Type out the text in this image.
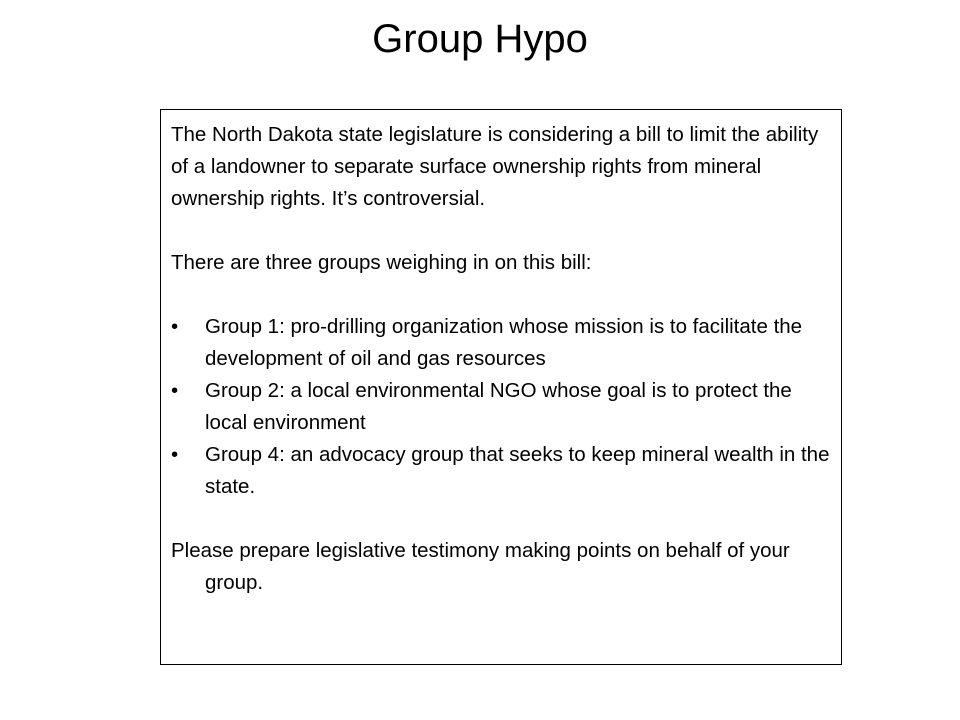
Group Hypo

The North Dakota state legislature is considering a bill to limit the ability of a landowner to separate surface ownership rights from mineral ownership rights. It’s controversial.

There are three groups weighing in on this bill:

•	Group 1: pro-drilling organization whose mission is to facilitate the development of oil and gas resources
•	Group 2: a local environmental NGO whose goal is to protect the local environment
•	Group 4: an advocacy group that seeks to keep mineral wealth in the state.

Please prepare legislative testimony making points on behalf of your group.
